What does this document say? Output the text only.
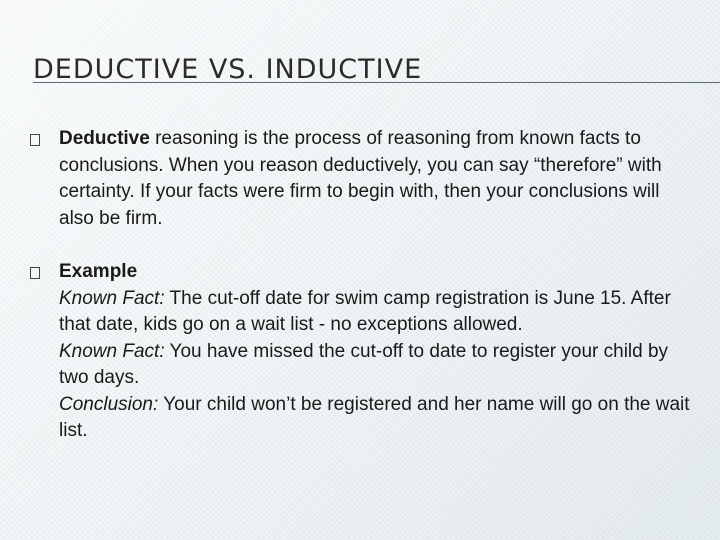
DEDUCTIVE VS. INDUCTIVE
Deductive reasoning is the process of reasoning from known facts to conclusions. When you reason deductively, you can say “therefore” with certainty. If your facts were firm to begin with, then your conclusions will also be firm.
Example
Known Fact: The cut-off date for swim camp registration is June 15. After that date, kids go on a wait list - no exceptions allowed.
Known Fact: You have missed the cut-off to date to register your child by two days.
Conclusion: Your child won’t be registered and her name will go on the wait list.
